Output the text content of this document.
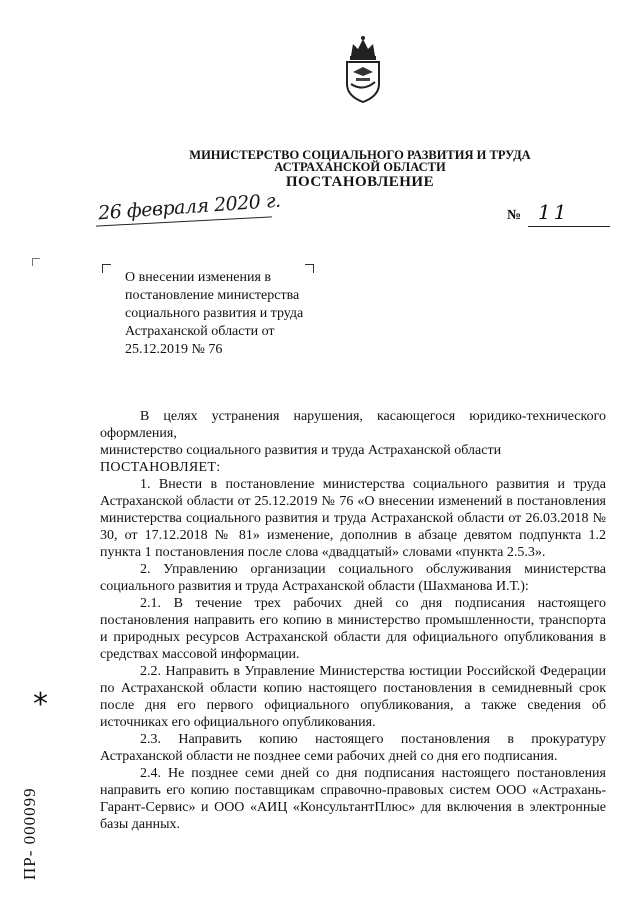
МИНИСТЕРСТВО СОЦИАЛЬНОГО РАЗВИТИЯ И ТРУДА
АСТРАХАНСКОЙ ОБЛАСТИ
ПОСТАНОВЛЕНИЕ
26 февраля 2020 г.	№ 11
О внесении изменения в
постановление министерства
социального развития и труда
Астраханской области от
25.12.2019 № 76
В целях устранения нарушения, касающегося юридико-технического оформления,
министерство социального развития и труда Астраханской области
ПОСТАНОВЛЯЕТ:
1. Внести в постановление министерства социального развития и труда Астраханской области от 25.12.2019 № 76 «О внесении изменений в постановления министерства социального развития и труда Астраханской области от 26.03.2018 № 30, от 17.12.2018 № 81» изменение, дополнив в абзаце девятом подпункта 1.2 пункта 1 постановления после слова «двадцатый» словами «пункта 2.5.3».
2. Управлению организации социального обслуживания министерства социального развития и труда Астраханской области (Шахманова И.Т.):
2.1. В течение трех рабочих дней со дня подписания настоящего постановления направить его копию в министерство промышленности, транспорта и природных ресурсов Астраханской области для официального опубликования в средствах массовой информации.
2.2. Направить в Управление Министерства юстиции Российской Федерации по Астраханской области копию настоящего постановления в семидневный срок после дня его первого официального опубликования, а также сведения об источниках его официального опубликования.
2.3. Направить копию настоящего постановления в прокуратуру Астраханской области не позднее семи рабочих дней со дня его подписания.
2.4. Не позднее семи дней со дня подписания настоящего постановления направить его копию поставщикам справочно-правовых систем ООО «Астрахань-Гарант-Сервис» и ООО «АИЦ «КонсультантПлюс» для включения в электронные базы данных.
*
ПР- 000099
